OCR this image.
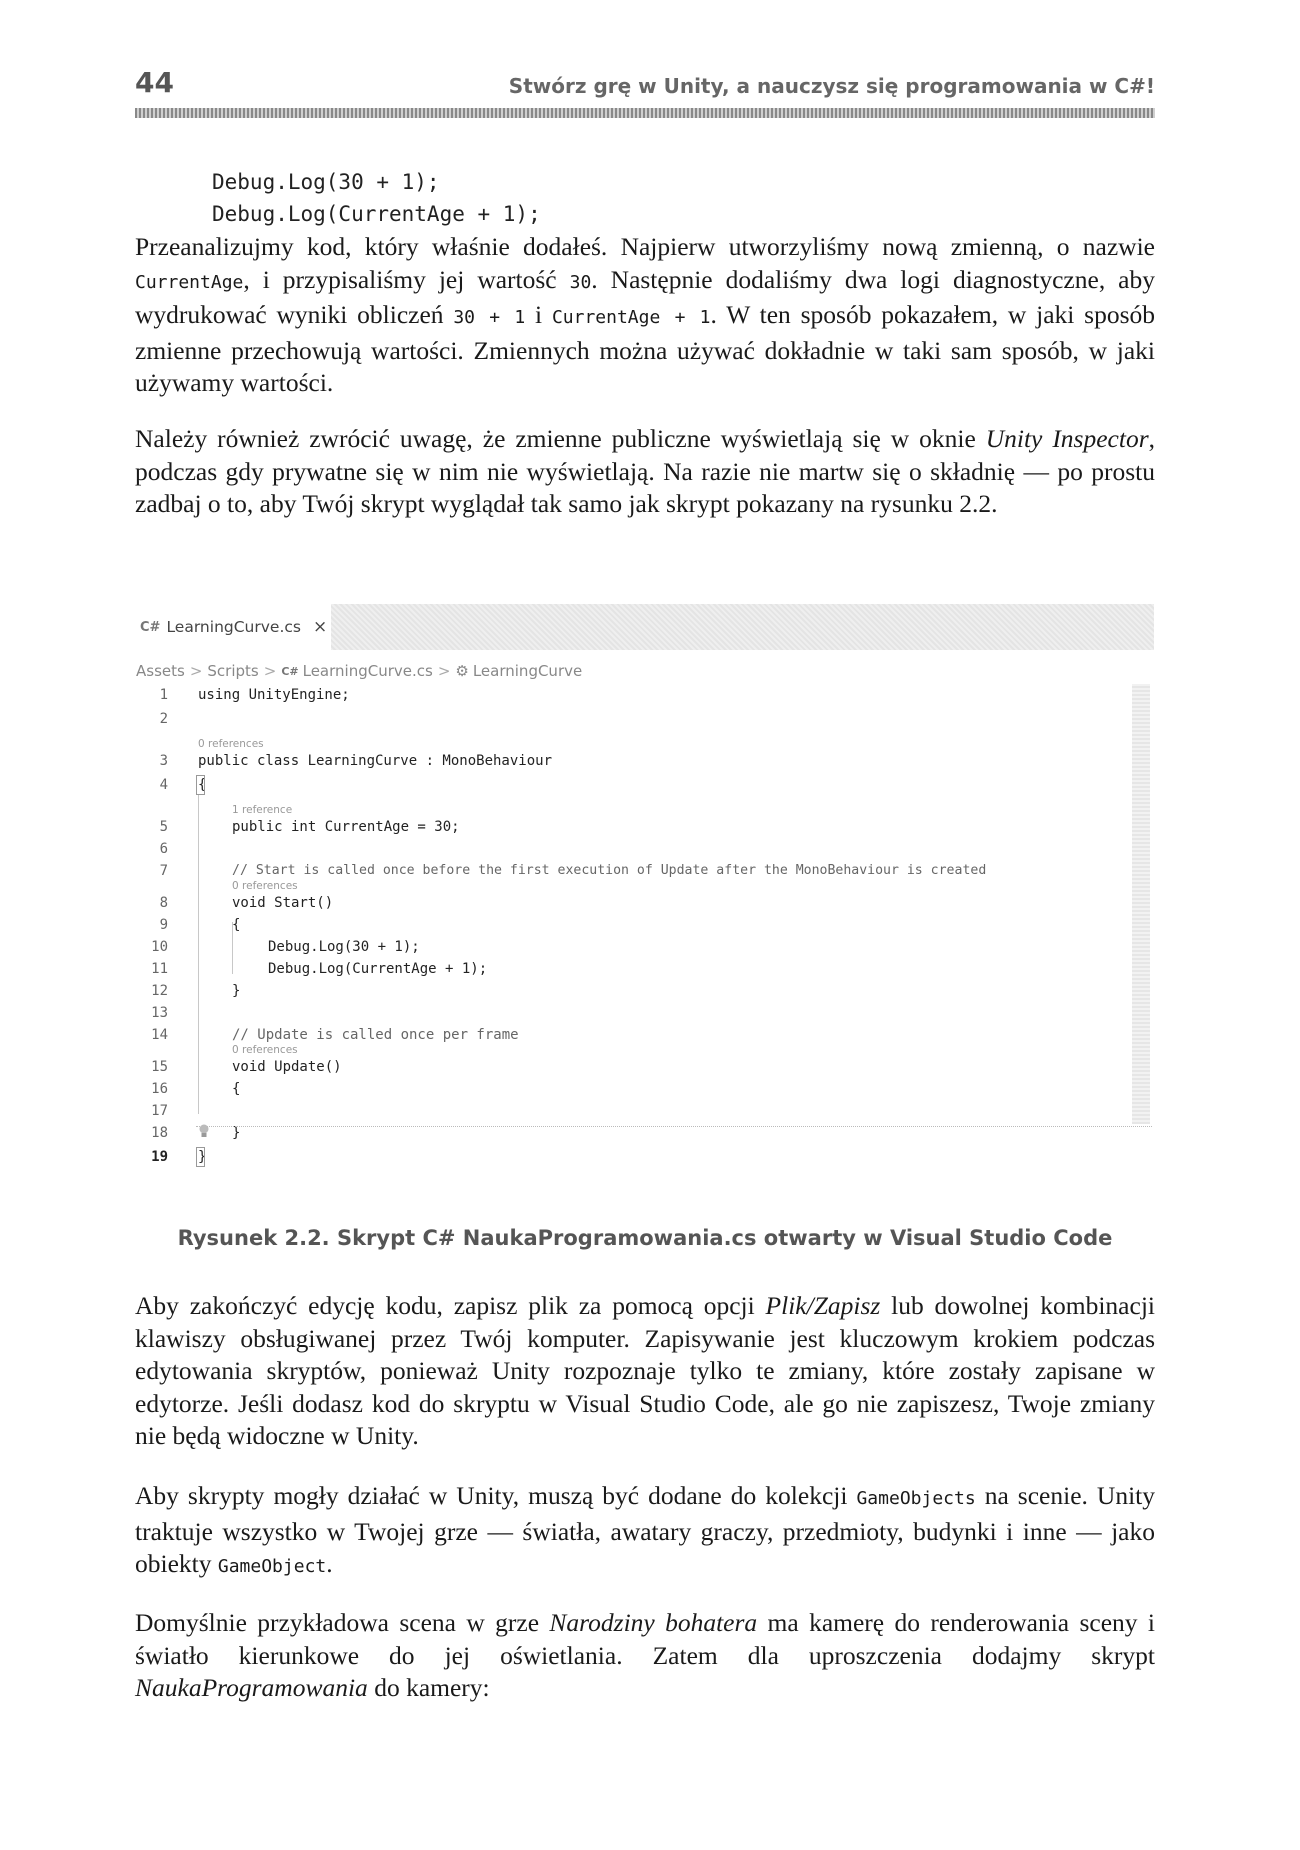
44	Stwórz grę w Unity, a nauczysz się programowania w C#!
Debug.Log(30 + 1);
Debug.Log(CurrentAge + 1);

Przeanalizujmy kod, który właśnie dodałeś. Najpierw utworzyliśmy nową zmienną, o nazwie CurrentAge, i przypisaliśmy jej wartość 30. Następnie dodaliśmy dwa logi diagnostyczne, aby wydrukować wyniki obliczeń 30 + 1 i CurrentAge + 1. W ten sposób pokazałem, w jaki sposób zmienne przechowują wartości. Zmiennych można używać dokładnie w taki sam sposób, w jaki używamy wartości.

Należy również zwrócić uwagę, że zmienne publiczne wyświetlają się w oknie Unity Inspector, podczas gdy prywatne się w nim nie wyświetlają. Na razie nie martw się o składnię — po prostu zadbaj o to, aby Twój skrypt wyglądał tak samo jak skrypt pokazany na rysunku 2.2.

C# LearningCurve.cs ×
Assets > Scripts > C# LearningCurve.cs > ⚙ LearningCurve
1 using UnityEngine;
2
0 references
3 public class LearningCurve : MonoBehaviour
4 {
1 reference
5	public int CurrentAge = 30;
6
7	// Start is called once before the first execution of Update after the MonoBehaviour is created
0 references
8	void Start()
9	{
10	Debug.Log(30 + 1);
11	Debug.Log(CurrentAge + 1);
12	}
13
14	// Update is called once per frame
0 references
15	void Update()
16	{
17
18	}
19 }
Rysunek 2.2. Skrypt C# NaukaProgramowania.cs otwarty w Visual Studio Code

Aby zakończyć edycję kodu, zapisz plik za pomocą opcji Plik/Zapisz lub dowolnej kombinacji klawiszy obsługiwanej przez Twój komputer. Zapisywanie jest kluczowym krokiem podczas edytowania skryptów, ponieważ Unity rozpoznaje tylko te zmiany, które zostały zapisane w edytorze. Jeśli dodasz kod do skryptu w Visual Studio Code, ale go nie zapiszesz, Twoje zmiany nie będą widoczne w Unity.

Aby skrypty mogły działać w Unity, muszą być dodane do kolekcji GameObjects na scenie. Unity traktuje wszystko w Twojej grze — światła, awatary graczy, przedmioty, budynki i inne — jako obiekty GameObject.

Domyślnie przykładowa scena w grze Narodziny bohatera ma kamerę do renderowania sceny i światło kierunkowe do jej oświetlania. Zatem dla uproszczenia dodajmy skrypt NaukaProgramowania do kamery:
